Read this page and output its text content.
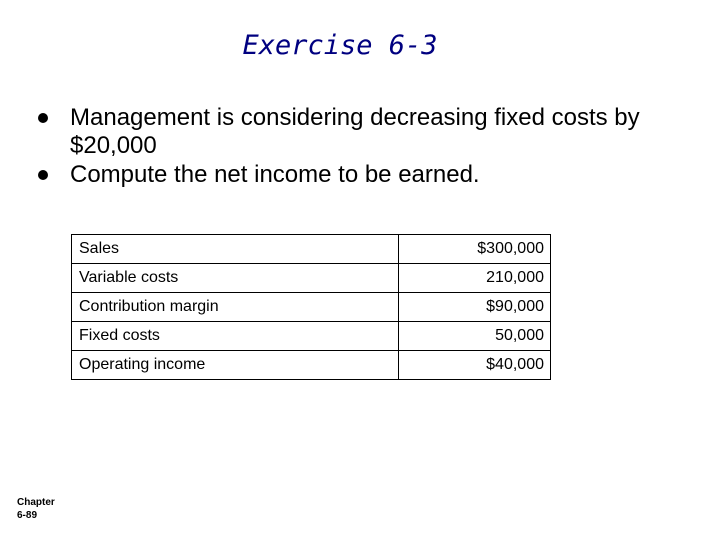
Exercise 6-3
Management is considering decreasing fixed costs by $20,000
Compute the net income to be earned.
Sales	$300,000
Variable costs	210,000
Contribution margin	$90,000
Fixed costs	50,000
Operating income	$40,000
Chapter
6-89
